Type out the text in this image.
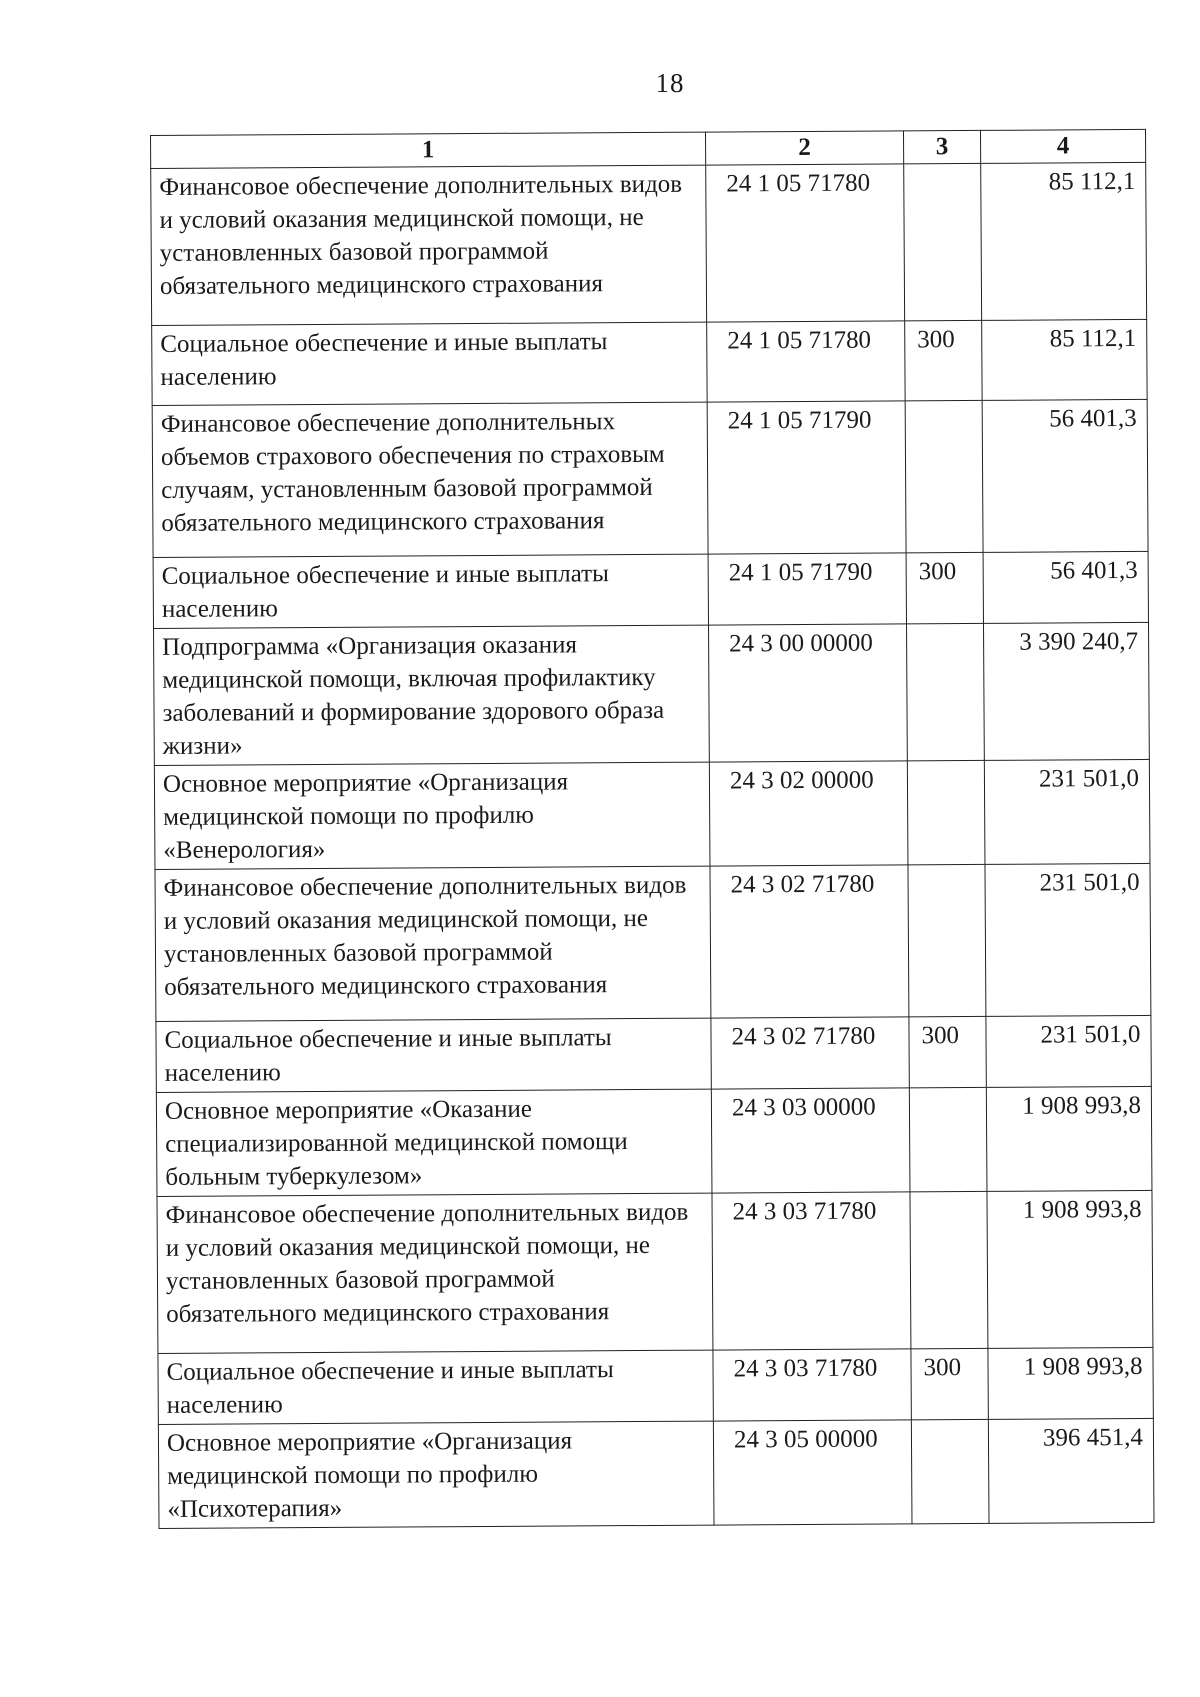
18
1	2	3	4
Финансовое обеспечение дополнительных видов и условий оказания медицинской помощи, не установленных базовой программой обязательного медицинского страхования	24 1 05 71780		85 112,1
Социальное обеспечение и иные выплаты населению	24 1 05 71780	300	85 112,1
Финансовое обеспечение дополнительных объемов страхового обеспечения по страховым случаям, установленным базовой программой обязательного медицинского страхования	24 1 05 71790		56 401,3
Социальное обеспечение и иные выплаты населению	24 1 05 71790	300	56 401,3
Подпрограмма «Организация оказания медицинской помощи, включая профилактику заболеваний и формирование здорового образа жизни»	24 3 00 00000		3 390 240,7
Основное мероприятие «Организация медицинской помощи по профилю «Венерология»	24 3 02 00000		231 501,0
Финансовое обеспечение дополнительных видов и условий оказания медицинской помощи, не установленных базовой программой обязательного медицинского страхования	24 3 02 71780		231 501,0
Социальное обеспечение и иные выплаты населению	24 3 02 71780	300	231 501,0
Основное мероприятие «Оказание специализированной медицинской помощи больным туберкулезом»	24 3 03 00000		1 908 993,8
Финансовое обеспечение дополнительных видов и условий оказания медицинской помощи, не установленных базовой программой обязательного медицинского страхования	24 3 03 71780		1 908 993,8
Социальное обеспечение и иные выплаты населению	24 3 03 71780	300	1 908 993,8
Основное мероприятие «Организация медицинской помощи по профилю «Психотерапия»	24 3 05 00000		396 451,4
